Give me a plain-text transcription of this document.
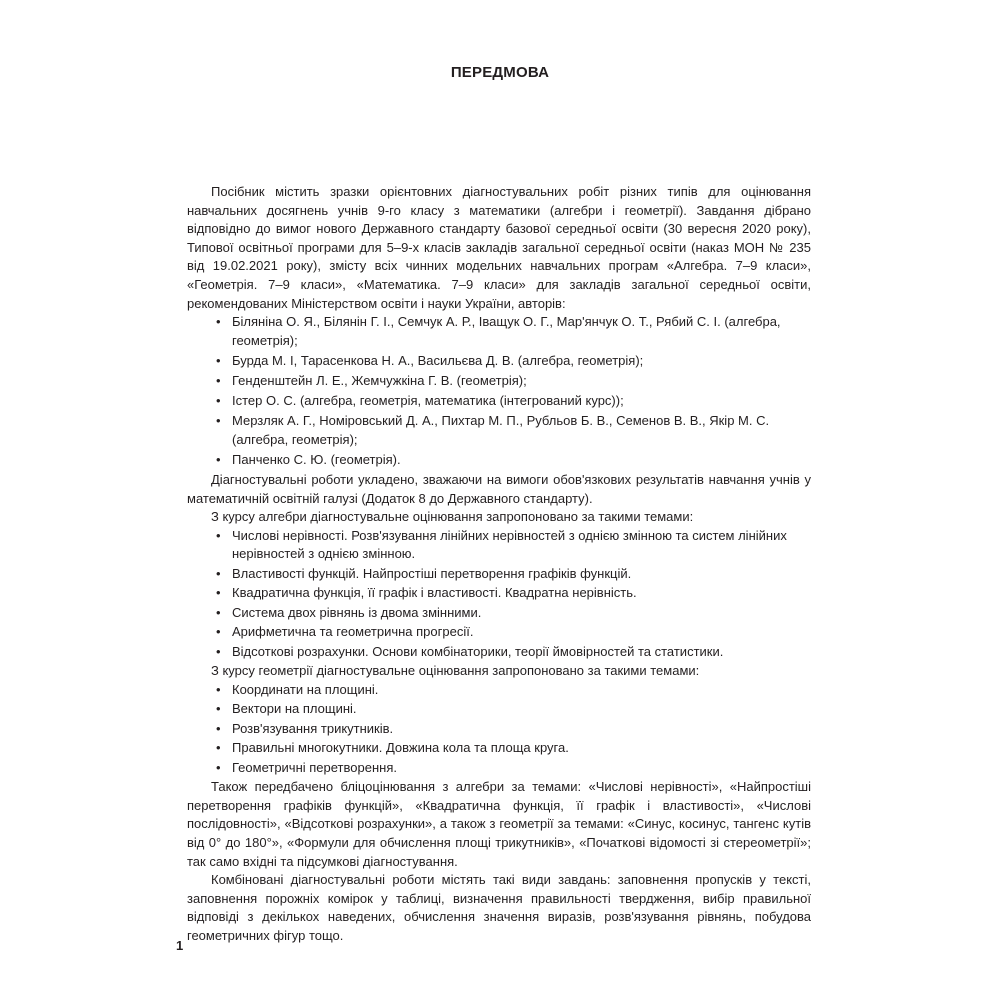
ПЕРЕДМОВА

Посібник містить зразки орієнтовних діагностувальних робіт різних типів для оцінювання навчальних досягнень учнів 9-го класу з математики (алгебри і геометрії). Завдання дібрано відповідно до вимог нового Державного стандарту базової середньої освіти (30 вересня 2020 року), Типової освітньої програми для 5–9-х класів закладів загальної середньої освіти (наказ МОН № 235 від 19.02.2021 року), змісту всіх чинних модельних навчальних програм «Алгебра. 7–9 класи», «Геометрія. 7–9 класи», «Математика. 7–9 класи» для закладів загальної середньої освіти, рекомендованих Міністерством освіти і науки України, авторів:

• Біляніна О. Я., Білянін Г. І., Семчук А. Р., Іващук О. Г., Мар'янчук О. Т., Рябий С. І. (алгебра, геометрія);
• Бурда М. І, Тарасенкова Н. А., Васильєва Д. В. (алгебра, геометрія);
• Генденштейн Л. Е., Жемчужкіна Г. В. (геометрія);
• Істер О. С. (алгебра, геометрія, математика (інтегрований курс));
• Мерзляк А. Г., Номіровський Д. А., Пихтар М. П., Рубльов Б. В., Семенов В. В., Якір М. С. (алгебра, геометрія);
• Панченко С. Ю. (геометрія).

Діагностувальні роботи укладено, зважаючи на вимоги обов'язкових результатів навчання учнів у математичній освітній галузі (Додаток 8 до Державного стандарту).

З курсу алгебри діагностувальне оцінювання запропоновано за такими темами:

• Числові нерівності. Розв'язування лінійних нерівностей з однією змінною та систем лінійних нерівностей з однією змінною.
• Властивості функцій. Найпростіші перетворення графіків функцій.
• Квадратична функція, її графік і властивості. Квадратна нерівність.
• Система двох рівнянь із двома змінними.
• Арифметична та геометрична прогресії.
• Відсоткові розрахунки. Основи комбінаторики, теорії ймовірностей та статистики.

З курсу геометрії діагностувальне оцінювання запропоновано за такими темами:

• Координати на площині.
• Вектори на площині.
• Розв'язування трикутників.
• Правильні многокутники. Довжина кола та площа круга.
• Геометричні перетворення.

Також передбачено бліцоцінювання з алгебри за темами: «Числові нерівності», «Найпростіші перетворення графіків функцій», «Квадратична функція, її графік і властивості», «Числові послідовності», «Відсоткові розрахунки», а також з геометрії за темами: «Синус, косинус, тангенс кутів від 0° до 180°», «Формули для обчислення площі трикутників», «Початкові відомості зі стереометрії»; так само вхідні та підсумкові діагностування.

Комбіновані діагностувальні роботи містять такі види завдань: заповнення пропусків у тексті, заповнення порожніх комірок у таблиці, визначення правильності твердження, вибір правильної відповіді з декількох наведених, обчислення значення виразів, розв'язування рівнянь, побудова геометричних фігур тощо.

1
